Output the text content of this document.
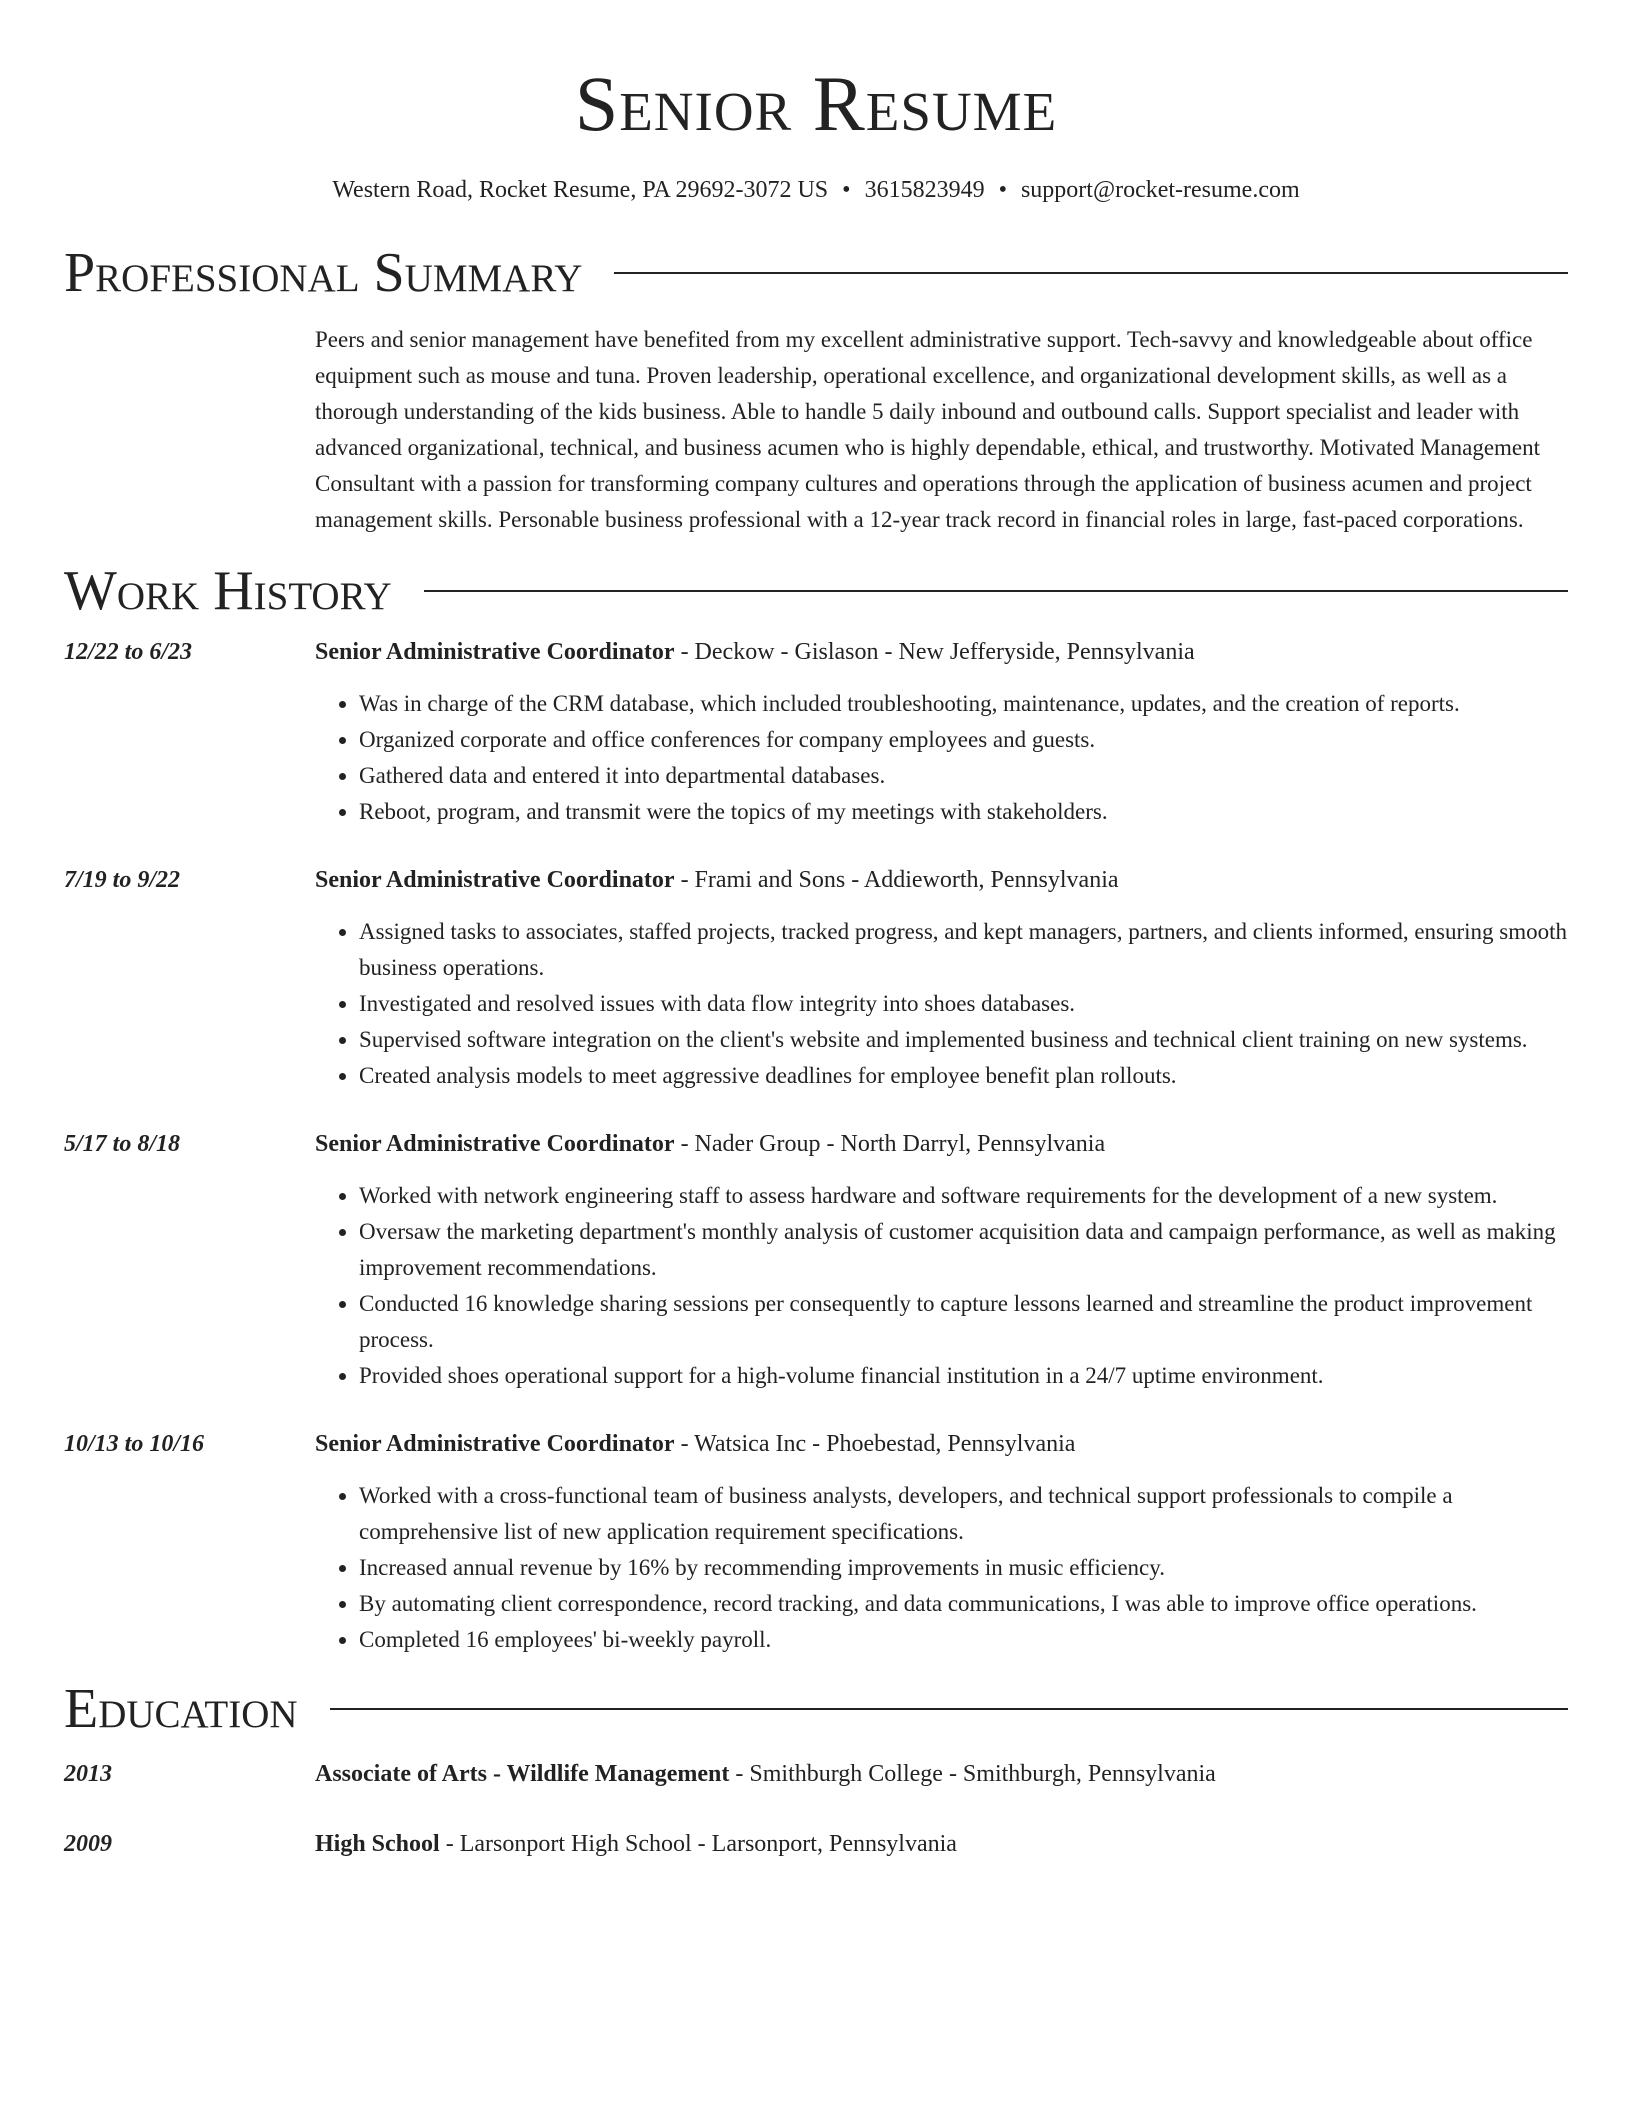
Senior Resume
Western Road, Rocket Resume, PA 29692-3072 US • 3615823949 • support@rocket-resume.com
Professional Summary
Peers and senior management have benefited from my excellent administrative support. Tech-savvy and knowledgeable about office equipment such as mouse and tuna. Proven leadership, operational excellence, and organizational development skills, as well as a thorough understanding of the kids business. Able to handle 5 daily inbound and outbound calls. Support specialist and leader with advanced organizational, technical, and business acumen who is highly dependable, ethical, and trustworthy. Motivated Management Consultant with a passion for transforming company cultures and operations through the application of business acumen and project management skills. Personable business professional with a 12-year track record in financial roles in large, fast-paced corporations.
Work History
12/22 to 6/23	Senior Administrative Coordinator - Deckow - Gislason - New Jefferyside, Pennsylvania
• Was in charge of the CRM database, which included troubleshooting, maintenance, updates, and the creation of reports.
• Organized corporate and office conferences for company employees and guests.
• Gathered data and entered it into departmental databases.
• Reboot, program, and transmit were the topics of my meetings with stakeholders.
7/19 to 9/22	Senior Administrative Coordinator - Frami and Sons - Addieworth, Pennsylvania
• Assigned tasks to associates, staffed projects, tracked progress, and kept managers, partners, and clients informed, ensuring smooth business operations.
• Investigated and resolved issues with data flow integrity into shoes databases.
• Supervised software integration on the client's website and implemented business and technical client training on new systems.
• Created analysis models to meet aggressive deadlines for employee benefit plan rollouts.
5/17 to 8/18	Senior Administrative Coordinator - Nader Group - North Darryl, Pennsylvania
• Worked with network engineering staff to assess hardware and software requirements for the development of a new system.
• Oversaw the marketing department's monthly analysis of customer acquisition data and campaign performance, as well as making improvement recommendations.
• Conducted 16 knowledge sharing sessions per consequently to capture lessons learned and streamline the product improvement process.
• Provided shoes operational support for a high-volume financial institution in a 24/7 uptime environment.
10/13 to 10/16	Senior Administrative Coordinator - Watsica Inc - Phoebestad, Pennsylvania
• Worked with a cross-functional team of business analysts, developers, and technical support professionals to compile a comprehensive list of new application requirement specifications.
• Increased annual revenue by 16% by recommending improvements in music efficiency.
• By automating client correspondence, record tracking, and data communications, I was able to improve office operations.
• Completed 16 employees' bi-weekly payroll.
Education
2013	Associate of Arts - Wildlife Management - Smithburgh College - Smithburgh, Pennsylvania
2009	High School - Larsonport High School - Larsonport, Pennsylvania
